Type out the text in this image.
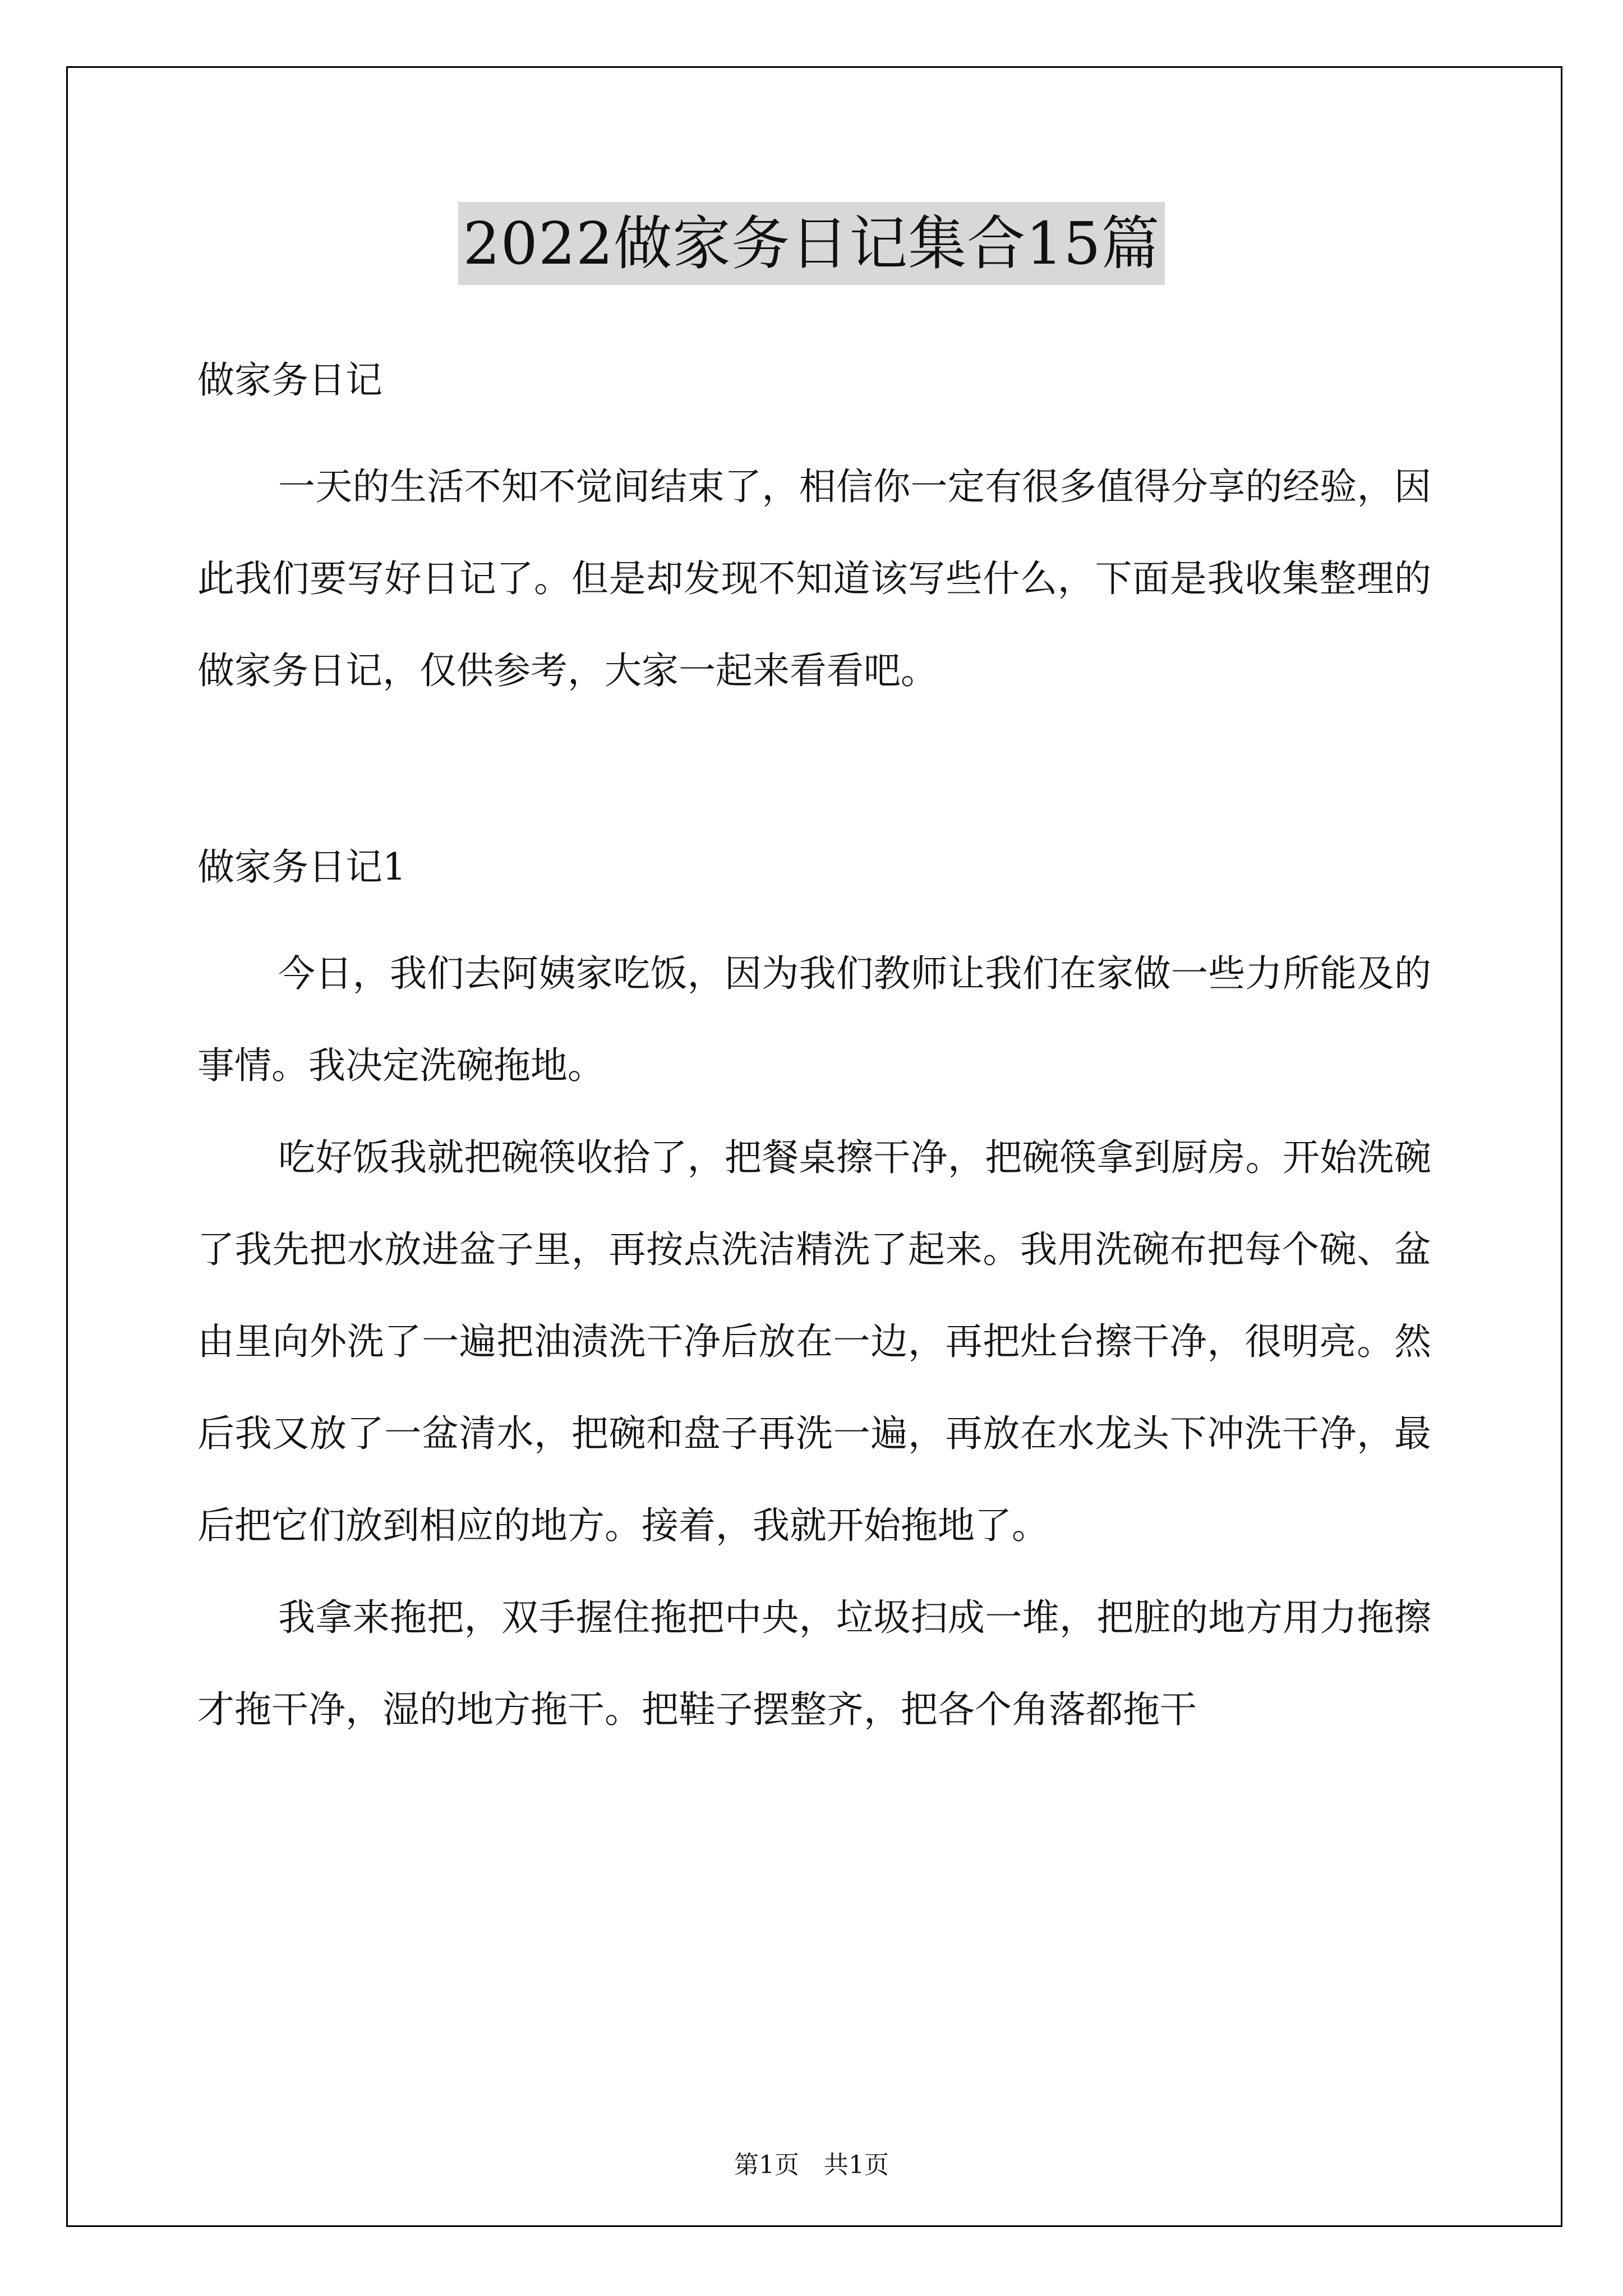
2022做家务日记集合15篇
做家务日记

一天的生活不知不觉间结束了，相信你一定有很多值得分享的经验，因此我们要写好日记了。但是却发现不知道该写些什么，下面是我收集整理的做家务日记，仅供参考，大家一起来看看吧。

做家务日记1

今日，我们去阿姨家吃饭，因为我们教师让我们在家做一些力所能及的事情。我决定洗碗拖地。

吃好饭我就把碗筷收拾了，把餐桌擦干净，把碗筷拿到厨房。开始洗碗了我先把水放进盆子里，再按点洗洁精洗了起来。我用洗碗布把每个碗、盆由里向外洗了一遍把油渍洗干净后放在一边，再把灶台擦干净，很明亮。然后我又放了一盆清水，把碗和盘子再洗一遍，再放在水龙头下冲洗干净，最后把它们放到相应的地方。接着，我就开始拖地了。

我拿来拖把，双手握住拖把中央，垃圾扫成一堆，把脏的地方用力拖擦才拖干净，湿的地方拖干。把鞋子摆整齐，把各个角落都拖干

第1页　共1页
